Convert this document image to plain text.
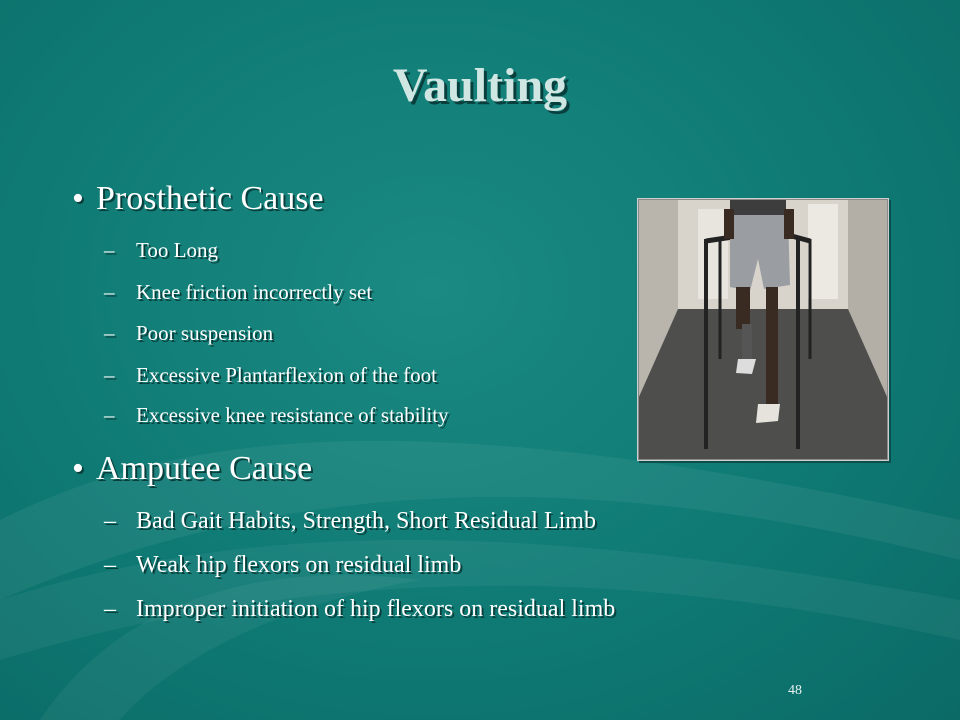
Vaulting
• Prosthetic Cause
– Too Long
– Knee friction incorrectly set
– Poor suspension
– Excessive Plantarflexion of the foot
– Excessive knee resistance of stability
• Amputee Cause
– Bad Gait Habits, Strength, Short Residual Limb
– Weak hip flexors on residual limb
– Improper initiation of hip flexors on residual limb
48
